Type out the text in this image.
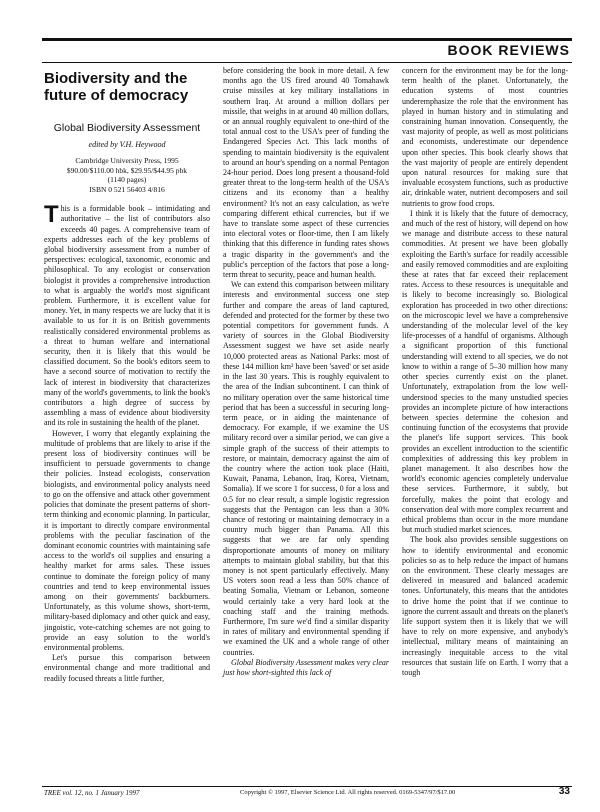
BOOK REVIEWS
Biodiversity and the future of democracy
Global Biodiversity Assessment
edited by V.H. Heywood
Cambridge University Press, 1995
$90.00/$110.00 hbk, $29.95/$44.95 pbk
(1140 pages)
ISBN 0 521 56403 4/816

This is a formidable book – intimidating and authoritative – the list of contributors also exceeds 40 pages. A comprehensive team of experts addresses each of the key problems of global biodiversity assessment from a number of perspectives: ecological, taxonomic, economic and philosophical. To any ecologist or conservation biologist it provides a comprehensive introduction to what is arguably the world's most significant problem. Furthermore, it is excellent value for money. Yet, in many respects we are lucky that it is available to us for it is on British governments realistically considered environmental problems as a threat to human welfare and international security, then it is likely that this would be classified document. So the book's editors seem to have a second source of motivation to rectify the lack of interest in biodiversity that characterizes many of the world's governments, to link the book's contributors a high degree of success by assembling a mass of evidence about biodiversity and its role in sustaining the health of the planet.

However, I worry that elegantly explaining the multitude of problems that are likely to arise if the present loss of biodiversity continues will be insufficient to persuade governments to change their policies. Instead ecologists, conservation biologists, and environmental policy analysts need to go on the offensive and attack other government policies that dominate the present patterns of short-term thinking and economic planning. In particular, it is important to directly compare environmental problems with the peculiar fascination of the dominant economic countries with maintaining safe access to the world's oil supplies and ensuring a healthy market for arms sales. These issues continue to dominate the foreign policy of many countries and tend to keep environmental issues among on their governments' backburners. Unfortunately, as this volume shows, short-term, military-based diplomacy and other quick and easy, jingoistic, vote-catching schemes are not going to provide an easy solution to the world's environmental problems.

Let's pursue this comparison between environmental change and more traditional and readily focused threats a little further,

before considering the book in more detail. A few months ago the US fired around 40 Tomahawk cruise missiles at key military installations in southern Iraq. At around a million dollars per missile, that weighs in at around 40 million dollars, or an annual roughly equivalent to one-third of the total annual cost to the USA's peer of funding the Endangered Species Act. This lack months of spending to maintain biodiversity is the equivalent to around an hour's spending on a normal Pentagon 24-hour period. Does long present a thousand-fold greater threat to the long-term health of the USA's citizens and its economy than a healthy environment? It's not an easy calculation, as we're comparing different ethical currencies, but if we have to translate some aspect of these currencies into electoral votes or floor-time, then I am likely thinking that this difference in funding rates shows a tragic disparity in the government's and the public's perception of the factors that pose a long-term threat to security, peace and human health.

We can extend this comparison between military interests and environmental success one step further and compare the areas of land captured, defended and protected for the former by these two potential competitors for government funds. A variety of sources in the Global Biodiversity Assessment suggest we have set aside nearly 10,000 protected areas as National Parks: most of these 144 million km² have been 'saved' or set aside in the last 30 years. This is roughly equivalent to the area of the Indian subcontinent. I can think of no military operation over the same historical time period that has been a successful in securing long-term peace, or in aiding the maintenance of democracy. For example, if we examine the US military record over a similar period, we can give a simple graph of the success of their attempts to restore, or maintain, democracy against the aim of the country where the action took place (Haiti, Kuwait, Panama, Lebanon, Iraq, Korea, Vietnam, Somalia). If we score 1 for success, 0 for a loss and 0.5 for no clear result, a simple logistic regression suggests that the Pentagon can less than a 30% chance of restoring or maintaining democracy in a country much bigger than Panama. All this suggests that we are far only spending disproportionate amounts of money on military attempts to maintain global stability, but that this money is not spent particularly effectively. Many US voters soon read a less than 50% chance of beating Somalia, Vietnam or Lebanon, someone would certainly take a very hard look at the coaching staff and the training methods. Furthermore, I'm sure we'd find a similar disparity in rates of military and environmental spending if we examined the UK and a whole range of other countries.

Global Biodiversity Assessment makes very clear just how short-sighted this lack of

concern for the environment may be for the long-term health of the planet. Unfortunately, the education systems of most countries underemphasize the role that the environment has played in human history and in stimulating and constraining human innovation. Consequently, the vast majority of people, as well as most politicians and economists, underestimate our dependence upon other species. This book clearly shows that the vast majority of people are entirely dependent upon natural resources for making sure that invaluable ecosystem functions, such as productive air, drinkable water, nutrient decomposers and soil nutrients to grow food crops.

I think it is likely that the future of democracy, and much of the rest of history, will depend on how we manage and distribute access to these natural commodities. At present we have been globally exploiting the Earth's surface for readily accessible and easily removed commodities and are exploiting these at rates that far exceed their replacement rates. Access to these resources is unequitable and is likely to become increasingly so. Biological exploration has proceeded in two other directions: on the microscopic level we have a comprehensive understanding of the molecular level of the key life-processes of a handful of organisms. Although a significant proportion of this functional understanding will extend to all species, we do not know to within a range of 5–30 million how many other species currently exist on the planet. Unfortunately, extrapolation from the low well-understood species to the many unstudied species provides an incomplete picture of how interactions between species determine the cohesion and continuing function of the ecosystems that provide the planet's life support services. This book provides an excellent introduction to the scientific complexities of addressing this key problem in planet management. It also describes how the world's economic agencies completely undervalue these services. Furthermore, it subtly, but forcefully, makes the point that ecology and conservation deal with more complex recurrent and ethical problems than occur in the more mundane but much studied market sciences.

The book also provides sensible suggestions on how to identify environmental and economic policies so as to help reduce the impact of humans on the environment. These clearly messages are delivered in measured and balanced academic tones. Unfortunately, this means that the antidotes to drive home the point that if we continue to ignore the current assault and threats on the planet's life support system then it is likely that we will have to rely on more expensive, and anybody's intellectual, military means of maintaining an increasingly inequitable access to the vital resources that sustain life on Earth. I worry that a tough

TREE vol. 12, no. 1 January 1997	Copyright © 1997, Elsevier Science Ltd. All rights reserved. 0169-5347/97/$17.00	33
